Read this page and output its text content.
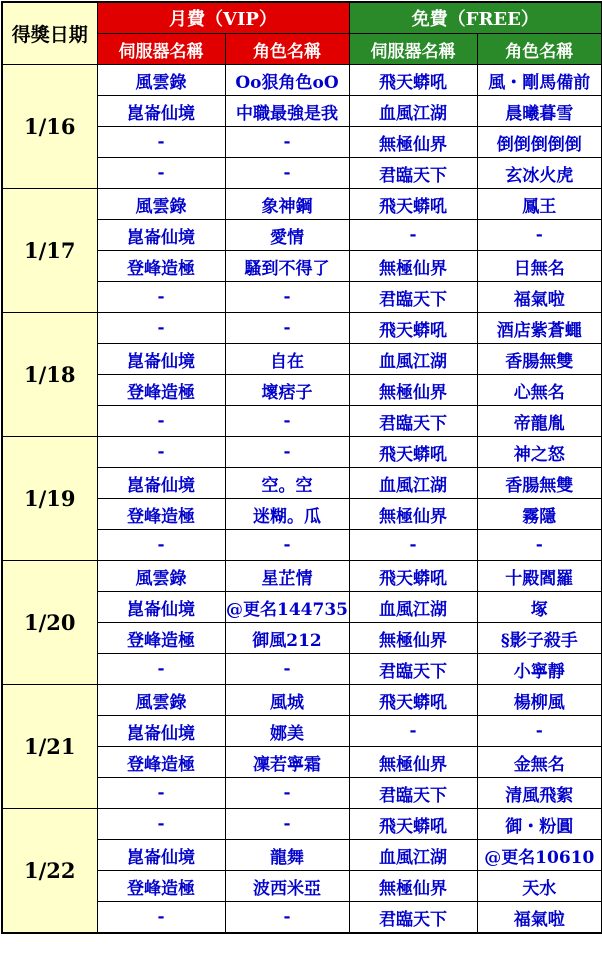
得獎日期	月費（VIP）		免費（FREE）	
	伺服器名稱	角色名稱	伺服器名稱	角色名稱
1/16	風雲錄	Oo狠角色oO	飛天蟒吼	風・剛馬備前
	崑崙仙境	中職最強是我	血風江湖	晨曦暮雪
	-	-	無極仙界	倒倒倒倒倒
	-	-	君臨天下	玄冰火虎
1/17	風雲錄	象神鋼	飛天蟒吼	鳳王
	崑崙仙境	愛情	-	-
	登峰造極	騷到不得了	無極仙界	日無名
	-	-	君臨天下	福氣啦
1/18	-	-	飛天蟒吼	酒店紫蒼蠅
	崑崙仙境	自在	血風江湖	香腸無雙
	登峰造極	壞痞子	無極仙界	心無名
	-	-	君臨天下	帝龍胤
1/19	-	-	飛天蟒吼	神之怒
	崑崙仙境	空。空	血風江湖	香腸無雙
	登峰造極	迷糊。瓜	無極仙界	霧隱
	-	-	-	-
1/20	風雲錄	星芷情	飛天蟒吼	十殿閻羅
	崑崙仙境	@更名144735	血風江湖	塚
	登峰造極	御風212	無極仙界	§影子殺手
	-	-	君臨天下	小寧靜
1/21	風雲錄	風城	飛天蟒吼	楊柳風
	崑崙仙境	娜美	-	-
	登峰造極	凜若寧霜	無極仙界	金無名
	-	-	君臨天下	清風飛絮
1/22	-	-	飛天蟒吼	御・粉圓
	崑崙仙境	龍舞	血風江湖	@更名10610
	登峰造極	波西米亞	無極仙界	天水
	-	-	君臨天下	福氣啦
